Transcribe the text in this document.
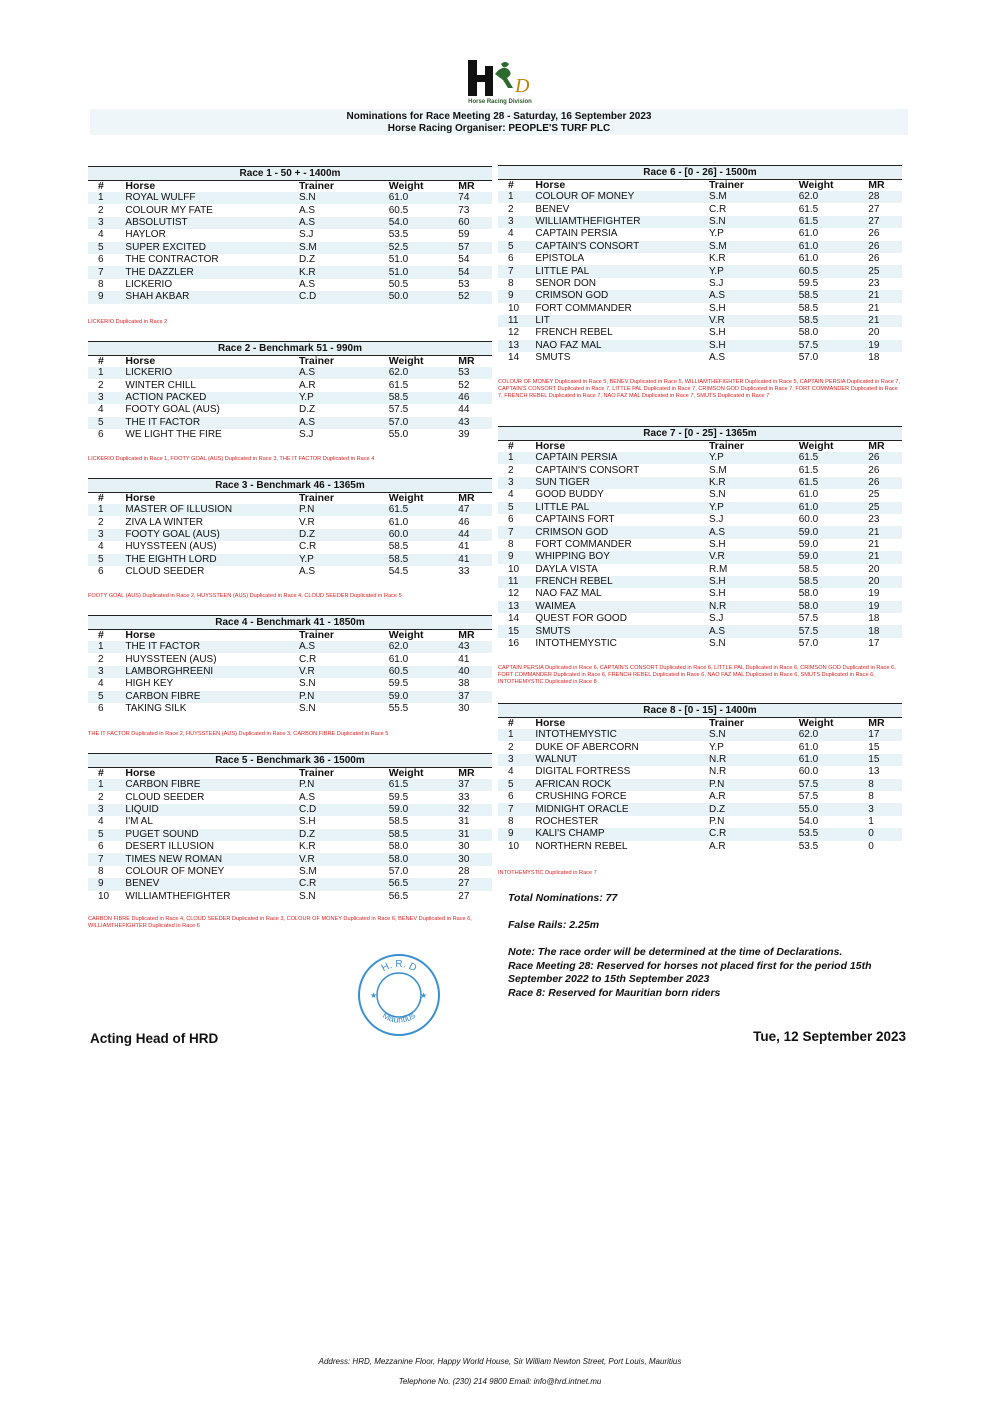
D
Horse Racing Division
Nominations for Race Meeting 28 - Saturday, 16 September 2023
Horse Racing Organiser: PEOPLE'S TURF PLC
Race 1 - 50 + - 1400m
#	Horse	Trainer	Weight	MR
1	ROYAL WULFF	S.N	61.0	74
2	COLOUR MY FATE	A.S	60.5	73
3	ABSOLUTIST	A.S	54.0	60
4	HAYLOR	S.J	53.5	59
5	SUPER EXCITED	S.M	52.5	57
6	THE CONTRACTOR	D.Z	51.0	54
7	THE DAZZLER	K.R	51.0	54
8	LICKERIO	A.S	50.5	53
9	SHAH AKBAR	C.D	50.0	52
LICKERIO Duplicated in Race 2
Race 2 - Benchmark 51 - 990m
#	Horse	Trainer	Weight	MR
1	LICKERIO	A.S	62.0	53
2	WINTER CHILL	A.R	61.5	52
3	ACTION PACKED	Y.P	58.5	46
4	FOOTY GOAL (AUS)	D.Z	57.5	44
5	THE IT FACTOR	A.S	57.0	43
6	WE LIGHT THE FIRE	S.J	55.0	39
LICKERIO Duplicated in Race 1, FOOTY GOAL (AUS) Duplicated in Race 3, THE IT FACTOR Duplicated in Race 4
Race 3 - Benchmark 46 - 1365m
#	Horse	Trainer	Weight	MR
1	MASTER OF ILLUSION	P.N	61.5	47
2	ZIVA LA WINTER	V.R	61.0	46
3	FOOTY GOAL (AUS)	D.Z	60.0	44
4	HUYSSTEEN (AUS)	C.R	58.5	41
5	THE EIGHTH LORD	Y.P	58.5	41
6	CLOUD SEEDER	A.S	54.5	33
FOOTY GOAL (AUS) Duplicated in Race 2, HUYSSTEEN (AUS) Duplicated in Race 4, CLOUD SEEDER Duplicated in Race 5
Race 4 - Benchmark 41 - 1850m
#	Horse	Trainer	Weight	MR
1	THE IT FACTOR	A.S	62.0	43
2	HUYSSTEEN (AUS)	C.R	61.0	41
3	LAMBORGHREENI	V.R	60.5	40
4	HIGH KEY	S.N	59.5	38
5	CARBON FIBRE	P.N	59.0	37
6	TAKING SILK	S.N	55.5	30
THE IT FACTOR Duplicated in Race 2, HUYSSTEEN (AUS) Duplicated in Race 3, CARBON FIBRE Duplicated in Race 5
Race 5 - Benchmark 36 - 1500m
#	Horse	Trainer	Weight	MR
1	CARBON FIBRE	P.N	61.5	37
2	CLOUD SEEDER	A.S	59.5	33
3	LIQUID	C.D	59.0	32
4	I'M AL	S.H	58.5	31
5	PUGET SOUND	D.Z	58.5	31
6	DESERT ILLUSION	K.R	58.0	30
7	TIMES NEW ROMAN	V.R	58.0	30
8	COLOUR OF MONEY	S.M	57.0	28
9	BENEV	C.R	56.5	27
10	WILLIAMTHEFIGHTER	S.N	56.5	27
CARBON FIBRE Duplicated in Race 4, CLOUD SEEDER Duplicated in Race 3, COLOUR OF MONEY Duplicated in Race 6, BENEV Duplicated in Race 6, WILLIAMTHEFIGHTER Duplicated in Race 6
Race 6 - [0 - 26] - 1500m
#	Horse	Trainer	Weight	MR
1	COLOUR OF MONEY	S.M	62.0	28
2	BENEV	C.R	61.5	27
3	WILLIAMTHEFIGHTER	S.N	61.5	27
4	CAPTAIN PERSIA	Y.P	61.0	26
5	CAPTAIN'S CONSORT	S.M	61.0	26
6	EPISTOLA	K.R	61.0	26
7	LITTLE PAL	Y.P	60.5	25
8	SENOR DON	S.J	59.5	23
9	CRIMSON GOD	A.S	58.5	21
10	FORT COMMANDER	S.H	58.5	21
11	LIT	V.R	58.5	21
12	FRENCH REBEL	S.H	58.0	20
13	NAO FAZ MAL	S.H	57.5	19
14	SMUTS	A.S	57.0	18
COLOUR OF MONEY Duplicated in Race 5, BENEV Duplicated in Race 5, WILLIAMTHEFIGHTER Duplicated in Race 5, CAPTAIN PERSIA Duplicated in Race 7, CAPTAIN'S CONSORT Duplicated in Race 7, LITTLE PAL Duplicated in Race 7, CRIMSON GOD Duplicated in Race 7, FORT COMMANDER Duplicated in Race 7, FRENCH REBEL Duplicated in Race 7, NAO FAZ MAL Duplicated in Race 7, SMUTS Duplicated in Race 7
Race 7 - [0 - 25] - 1365m
#	Horse	Trainer	Weight	MR
1	CAPTAIN PERSIA	Y.P	61.5	26
2	CAPTAIN'S CONSORT	S.M	61.5	26
3	SUN TIGER	K.R	61.5	26
4	GOOD BUDDY	S.N	61.0	25
5	LITTLE PAL	Y.P	61.0	25
6	CAPTAINS FORT	S.J	60.0	23
7	CRIMSON GOD	A.S	59.0	21
8	FORT COMMANDER	S.H	59.0	21
9	WHIPPING BOY	V.R	59.0	21
10	DAYLA VISTA	R.M	58.5	20
11	FRENCH REBEL	S.H	58.5	20
12	NAO FAZ MAL	S.H	58.0	19
13	WAIMEA	N.R	58.0	19
14	QUEST FOR GOOD	S.J	57.5	18
15	SMUTS	A.S	57.5	18
16	INTOTHEMYSTIC	S.N	57.0	17
CAPTAIN PERSIA Duplicated in Race 6, CAPTAIN'S CONSORT Duplicated in Race 6, LITTLE PAL Duplicated in Race 6, CRIMSON GOD Duplicated in Race 6, FORT COMMANDER Duplicated in Race 6, FRENCH REBEL Duplicated in Race 6, NAO FAZ MAL Duplicated in Race 6, SMUTS Duplicated in Race 6, INTOTHEMYSTIC Duplicated in Race 8
Race 8 - [0 - 15] - 1400m
#	Horse	Trainer	Weight	MR
1	INTOTHEMYSTIC	S.N	62.0	17
2	DUKE OF ABERCORN	Y.P	61.0	15
3	WALNUT	N.R	61.0	15
4	DIGITAL FORTRESS	N.R	60.0	13
5	AFRICAN ROCK	P.N	57.5	8
6	CRUSHING FORCE	A.R	57.5	8
7	MIDNIGHT ORACLE	D.Z	55.0	3
8	ROCHESTER	P.N	54.0	1
9	KALI'S CHAMP	C.R	53.5	0
10	NORTHERN REBEL	A.R	53.5	0
INTOTHEMYSTIC Duplicated in Race 7
Total Nominations: 77
False Rails: 2.25m
Note: The race order will be determined at the time of Declarations.
Race Meeting 28: Reserved for horses not placed first for the period 15th September 2022 to 15th September 2023
Race 8: Reserved for Mauritian born riders
H. R. D
Mauritius
★	★
Acting Head of HRD	Tue, 12 September 2023
Address: HRD, Mezzanine Floor, Happy World House, Sir William Newton Street, Port Louis, Mauritius
Telephone No. (230) 214 9800 Email: info@hrd.intnet.mu
